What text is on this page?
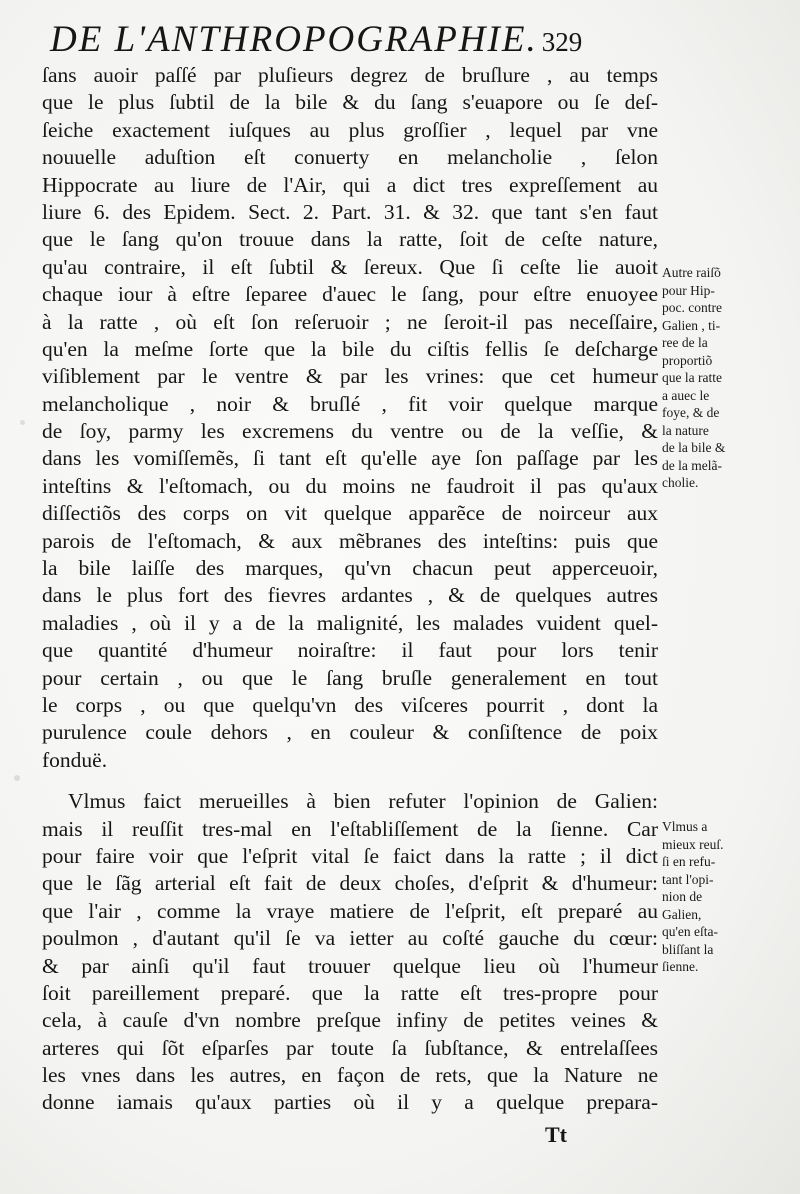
DE L'ANTHROPOGRAPHIE. 329
ſans auoir paſſé par pluſieurs degrez de bruſlure , au temps
que le plus ſubtil de la bile & du ſang s'euapore ou ſe deſ-
ſeiche exactement iuſques au plus groſſier , lequel par vne
nouuelle aduſtion eſt conuerty en melancholie , ſelon
Hippocrate au liure de l'Air, qui a dict tres expreſſement au
liure 6. des Epidem. Sect. 2. Part. 31. & 32. que tant s'en faut
que le ſang qu'on trouue dans la ratte, ſoit de ceſte nature,
qu'au contraire, il eſt ſubtil & ſereux. Que ſi ceſte lie auoit
chaque iour à eſtre ſeparee d'auec le ſang, pour eſtre enuoyee
à la ratte , où eſt ſon reſeruoir ; ne ſeroit-il pas neceſſaire,
qu'en la meſme ſorte que la bile du ciſtis fellis ſe deſcharge
viſiblement par le ventre & par les vrines: que cet humeur
melancholique , noir & bruſlé , fit voir quelque marque
de ſoy, parmy les excremens du ventre ou de la veſſie, &
dans les vomiſſemẽs, ſi tant eſt qu'elle aye ſon paſſage par les
inteſtins & l'eſtomach, ou du moins ne faudroit il pas qu'aux
diſſectiõs des corps on vit quelque apparẽce de noirceur aux
parois de l'eſtomach, & aux mẽbranes des inteſtins: puis que
la bile laiſſe des marques, qu'vn chacun peut apperceuoir,
dans le plus fort des fievres ardantes , & de quelques autres
maladies , où il y a de la malignité, les malades vuident quel-
que quantité d'humeur noiraſtre: il faut pour lors tenir
pour certain , ou que le ſang bruſle generalement en tout
le corps , ou que quelqu'vn des viſceres pourrit , dont la
purulence coule dehors , en couleur & conſiſtence de poix
fonduë.
Vlmus faict merueilles à bien refuter l'opinion de Galien:
mais il reuſſit tres-mal en l'eſtabliſſement de la ſienne. Car
pour faire voir que l'eſprit vital ſe faict dans la ratte ; il dict
que le ſãg arterial eſt fait de deux choſes, d'eſprit & d'humeur:
que l'air , comme la vraye matiere de l'eſprit, eſt preparé au
poulmon , d'autant qu'il ſe va ietter au coſté gauche du cœur:
& par ainſi qu'il faut trouuer quelque lieu où l'humeur
ſoit pareillement preparé. que la ratte eſt tres-propre pour
cela, à cauſe d'vn nombre preſque infiny de petites veines &
arteres qui ſõt eſparſes par toute ſa ſubſtance, & entrelaſſees
les vnes dans les autres, en façon de rets, que la Nature ne
donne iamais qu'aux parties où il y a quelque prepara-
Autre raiſõ
pour Hip-
poc. contre
Galien , ti-
ree de la
proportiõ
que la ratte
a auec le
foye, & de
la nature
de la bile &
de la melã-
cholie.
Vlmus a
mieux reuſ.
ſi en refu-
tant l'opi-
nion de
Galien,
qu'en eſta-
bliſſant la
ſienne.
Tt
